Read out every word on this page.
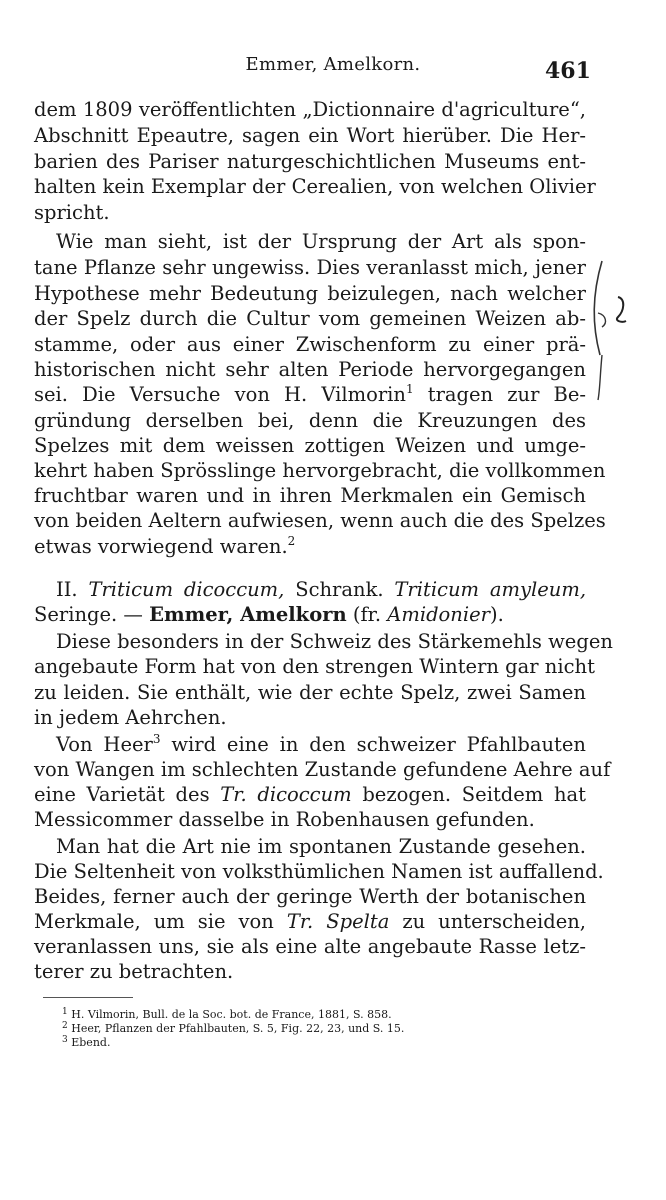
Emmer, Amelkorn.	461
dem 1809 veröffentlichten „Dictionnaire d'agriculture“,
Abschnitt Epeautre, sagen ein Wort hierüber. Die Her-
barien des Pariser naturgeschichtlichen Museums ent-
halten kein Exemplar der Cerealien, von welchen Olivier
spricht.
Wie man sieht, ist der Ursprung der Art als spon-
tane Pflanze sehr ungewiss. Dies veranlasst mich, jener
Hypothese mehr Bedeutung beizulegen, nach welcher
der Spelz durch die Cultur vom gemeinen Weizen ab-
stamme, oder aus einer Zwischenform zu einer prä-
historischen nicht sehr alten Periode hervorgegangen
sei. Die Versuche von H. Vilmorin$^1$ tragen zur Be-
gründung derselben bei, denn die Kreuzungen des
Spelzes mit dem weissen zottigen Weizen und umge-
kehrt haben Sprösslinge hervorgebracht, die vollkommen
fruchtbar waren und in ihren Merkmalen ein Gemisch
von beiden Aeltern aufwiesen, wenn auch die des Spelzes
etwas vorwiegend waren.$^2$
II. Triticum dicoccum, Schrank. Triticum amyleum,
Seringe. — Emmer, Amelkorn (fr. Amidonier).
Diese besonders in der Schweiz des Stärkemehls wegen
angebaute Form hat von den strengen Wintern gar nicht
zu leiden. Sie enthält, wie der echte Spelz, zwei Samen
in jedem Aehrchen.
Von Heer$^3$ wird eine in den schweizer Pfahlbauten
von Wangen im schlechten Zustande gefundene Aehre auf
eine Varietät des Tr. dicoccum bezogen. Seitdem hat
Messicommer dasselbe in Robenhausen gefunden.
Man hat die Art nie im spontanen Zustande gesehen.
Die Seltenheit von volksthümlichen Namen ist auffallend.
Beides, ferner auch der geringe Werth der botanischen
Merkmale, um sie von Tr. Spelta zu unterscheiden,
veranlassen uns, sie als eine alte angebaute Rasse letz-
terer zu betrachten.
$^1$ H. Vilmorin, Bull. de la Soc. bot. de France, 1881, S. 858.
$^2$ Heer, Pflanzen der Pfahlbauten, S. 5, Fig. 22, 23, und S. 15.
$^3$ Ebend.
